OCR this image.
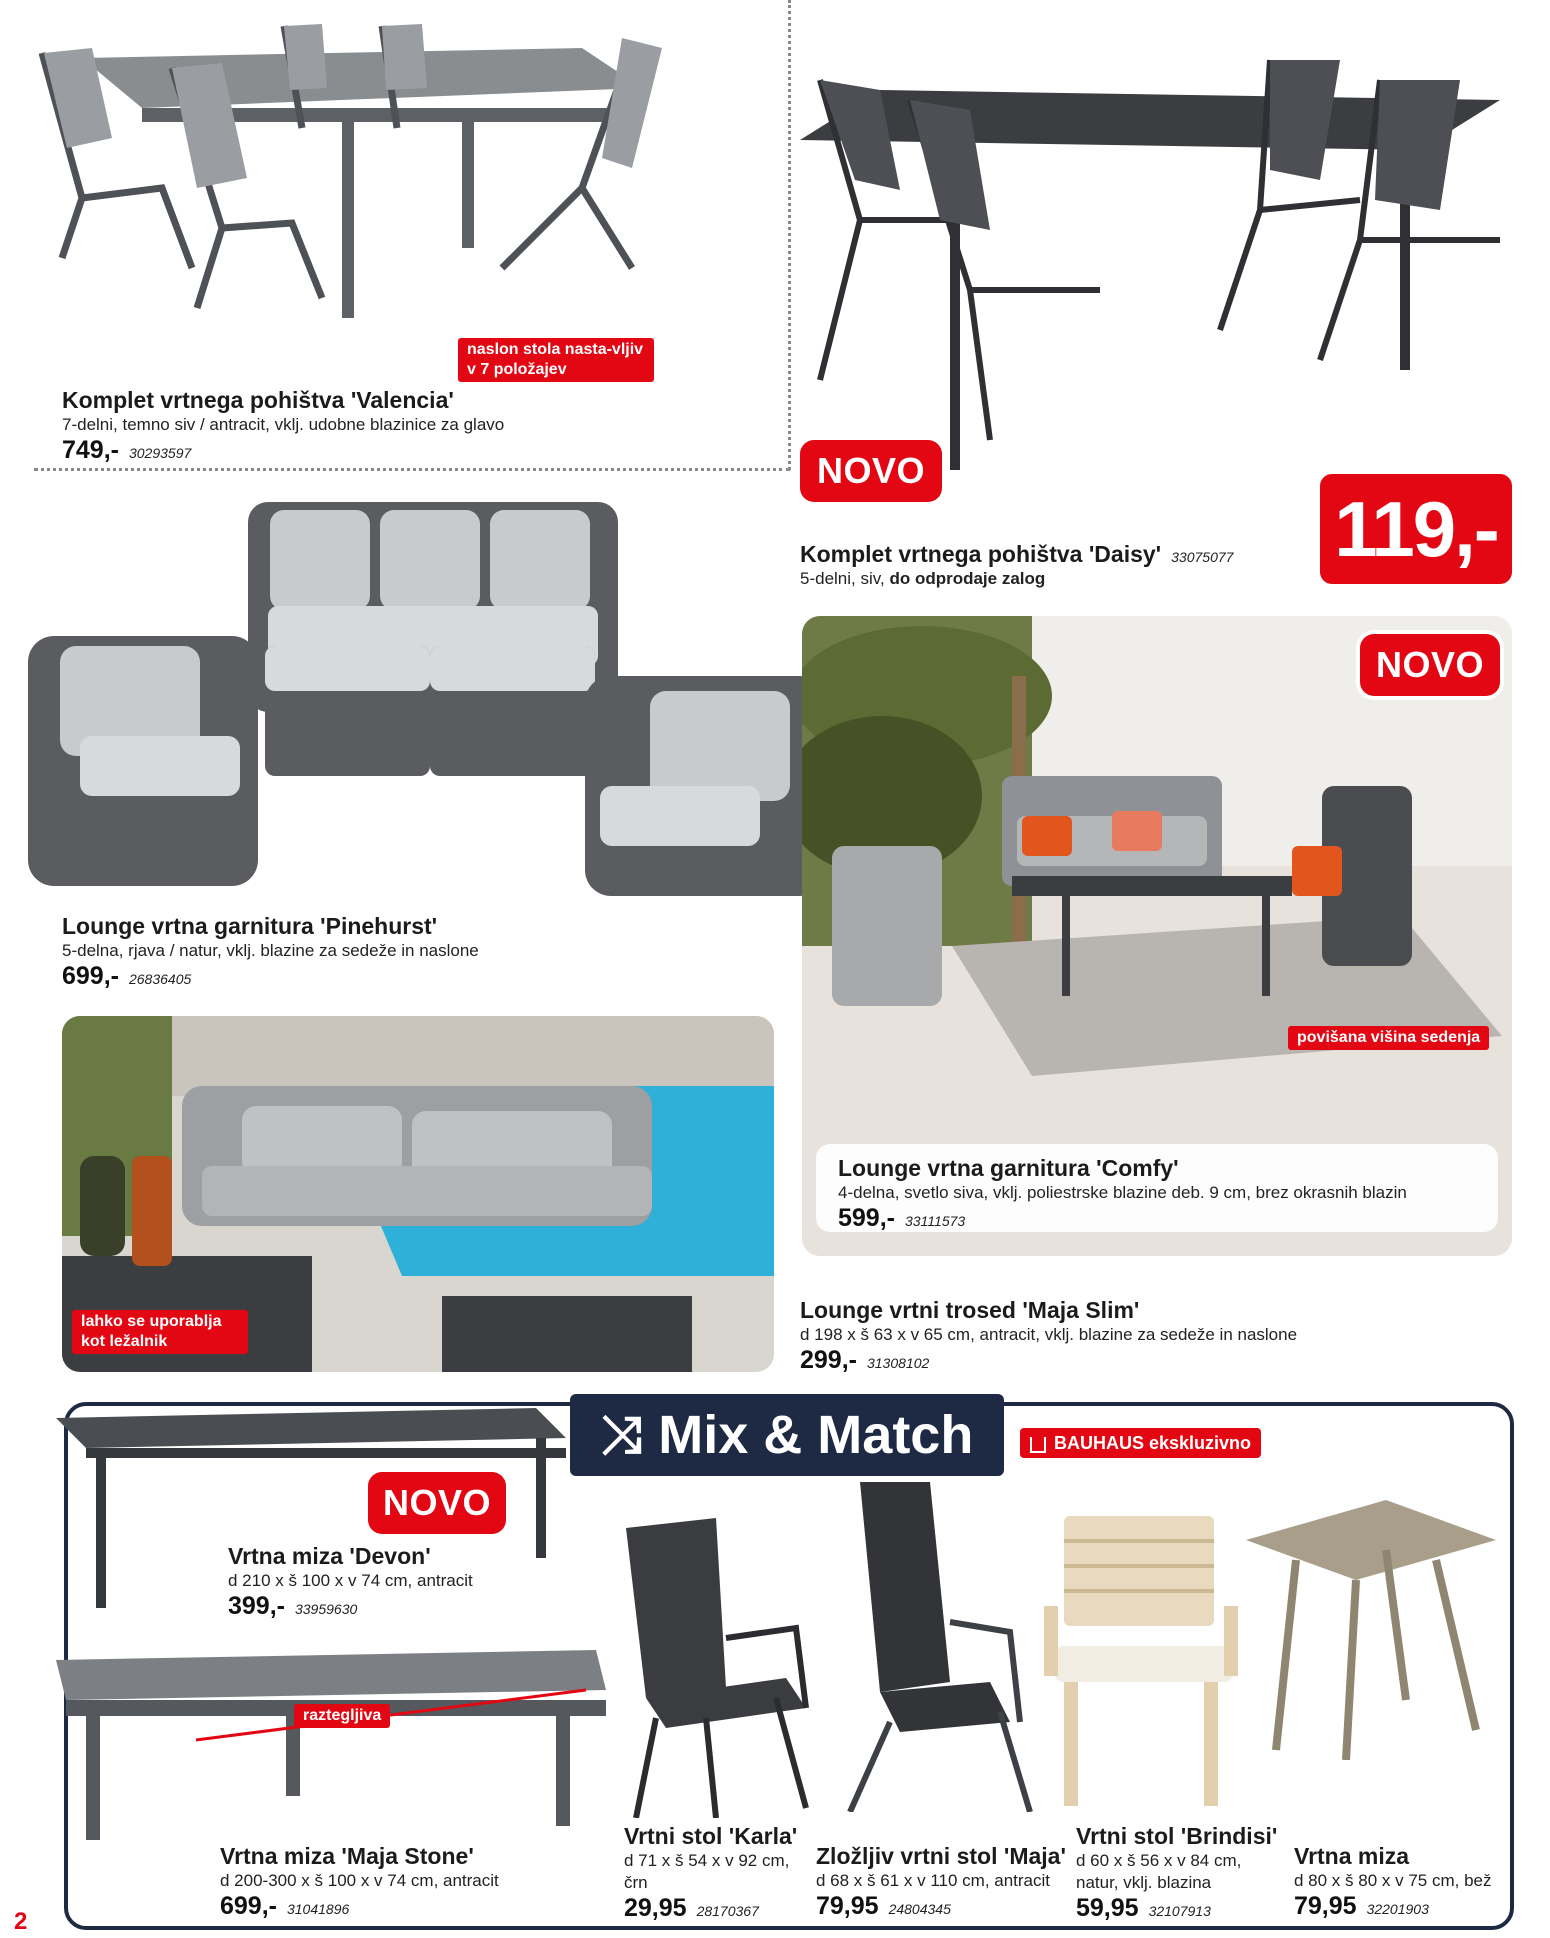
naslon stola nasta-vljiv v 7 položajev
Komplet vrtnega pohištva 'Valencia'
7-delni, temno siv / antracit, vklj. udobne blazinice za glavo
749,- 30293597	NOVO
119,-
Komplet vrtnega pohištva 'Daisy' 33075077
5-delni, siv, do odprodaje zalog
Lounge vrtna garnitura 'Pinehurst'
5-delna, rjava / natur, vklj. blazine za sedeže in naslone
699,- 26836405
NOVO
povišana višina sedenja
Lounge vrtna garnitura 'Comfy'
4-delna, svetlo siva, vklj. poliestrske blazine deb. 9 cm, brez okrasnih blazin
599,- 33111573
lahko se uporablja kot ležalnik
Lounge vrtni trosed 'Maja Slim'
d 198 x š 63 x v 65 cm, antracit, vklj. blazine za sedeže in naslone
299,- 31308102
⤨ Mix & Match	BAUHAUS ekskluzivno
NOVO
Vrtna miza 'Devon'
d 210 x š 100 x v 74 cm, antracit
399,- 33959630
raztegljiva
Vrtna miza 'Maja Stone'
d 200-300 x š 100 x v 74 cm, antracit
699,- 31041896
Vrtni stol 'Karla'
d 71 x š 54 x v 92 cm, črn
29,95 28170367
Zložljiv vrtni stol 'Maja'
d 68 x š 61 x v 110 cm, antracit
79,95 24804345
Vrtni stol 'Brindisi'
d 60 x š 56 x v 84 cm, natur, vklj. blazina
59,95 32107913
Vrtna miza
d 80 x š 80 x v 75 cm, bež
79,95 32201903
2
